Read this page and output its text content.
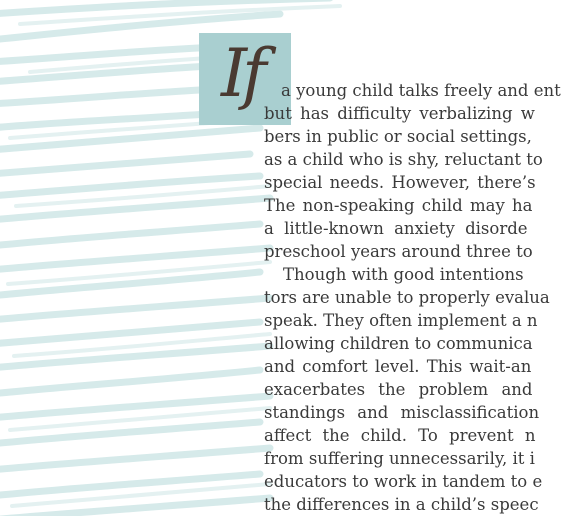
If a young child talks freely and ent
but has difficulty verbalizing w
bers in public or social settings,
as a child who is shy, reluctant to
special needs. However, there’s
The non-speaking child may ha
a little-known anxiety disorde
preschool years around three to
Though with good intentions
tors are unable to properly evalua
speak. They often implement a n
allowing children to communica
and comfort level. This wait-an
exacerbates the problem and
standings and misclassification
affect the child. To prevent n
from suffering unnecessarily, it i
educators to work in tandem to e
the differences in a child’s speec
